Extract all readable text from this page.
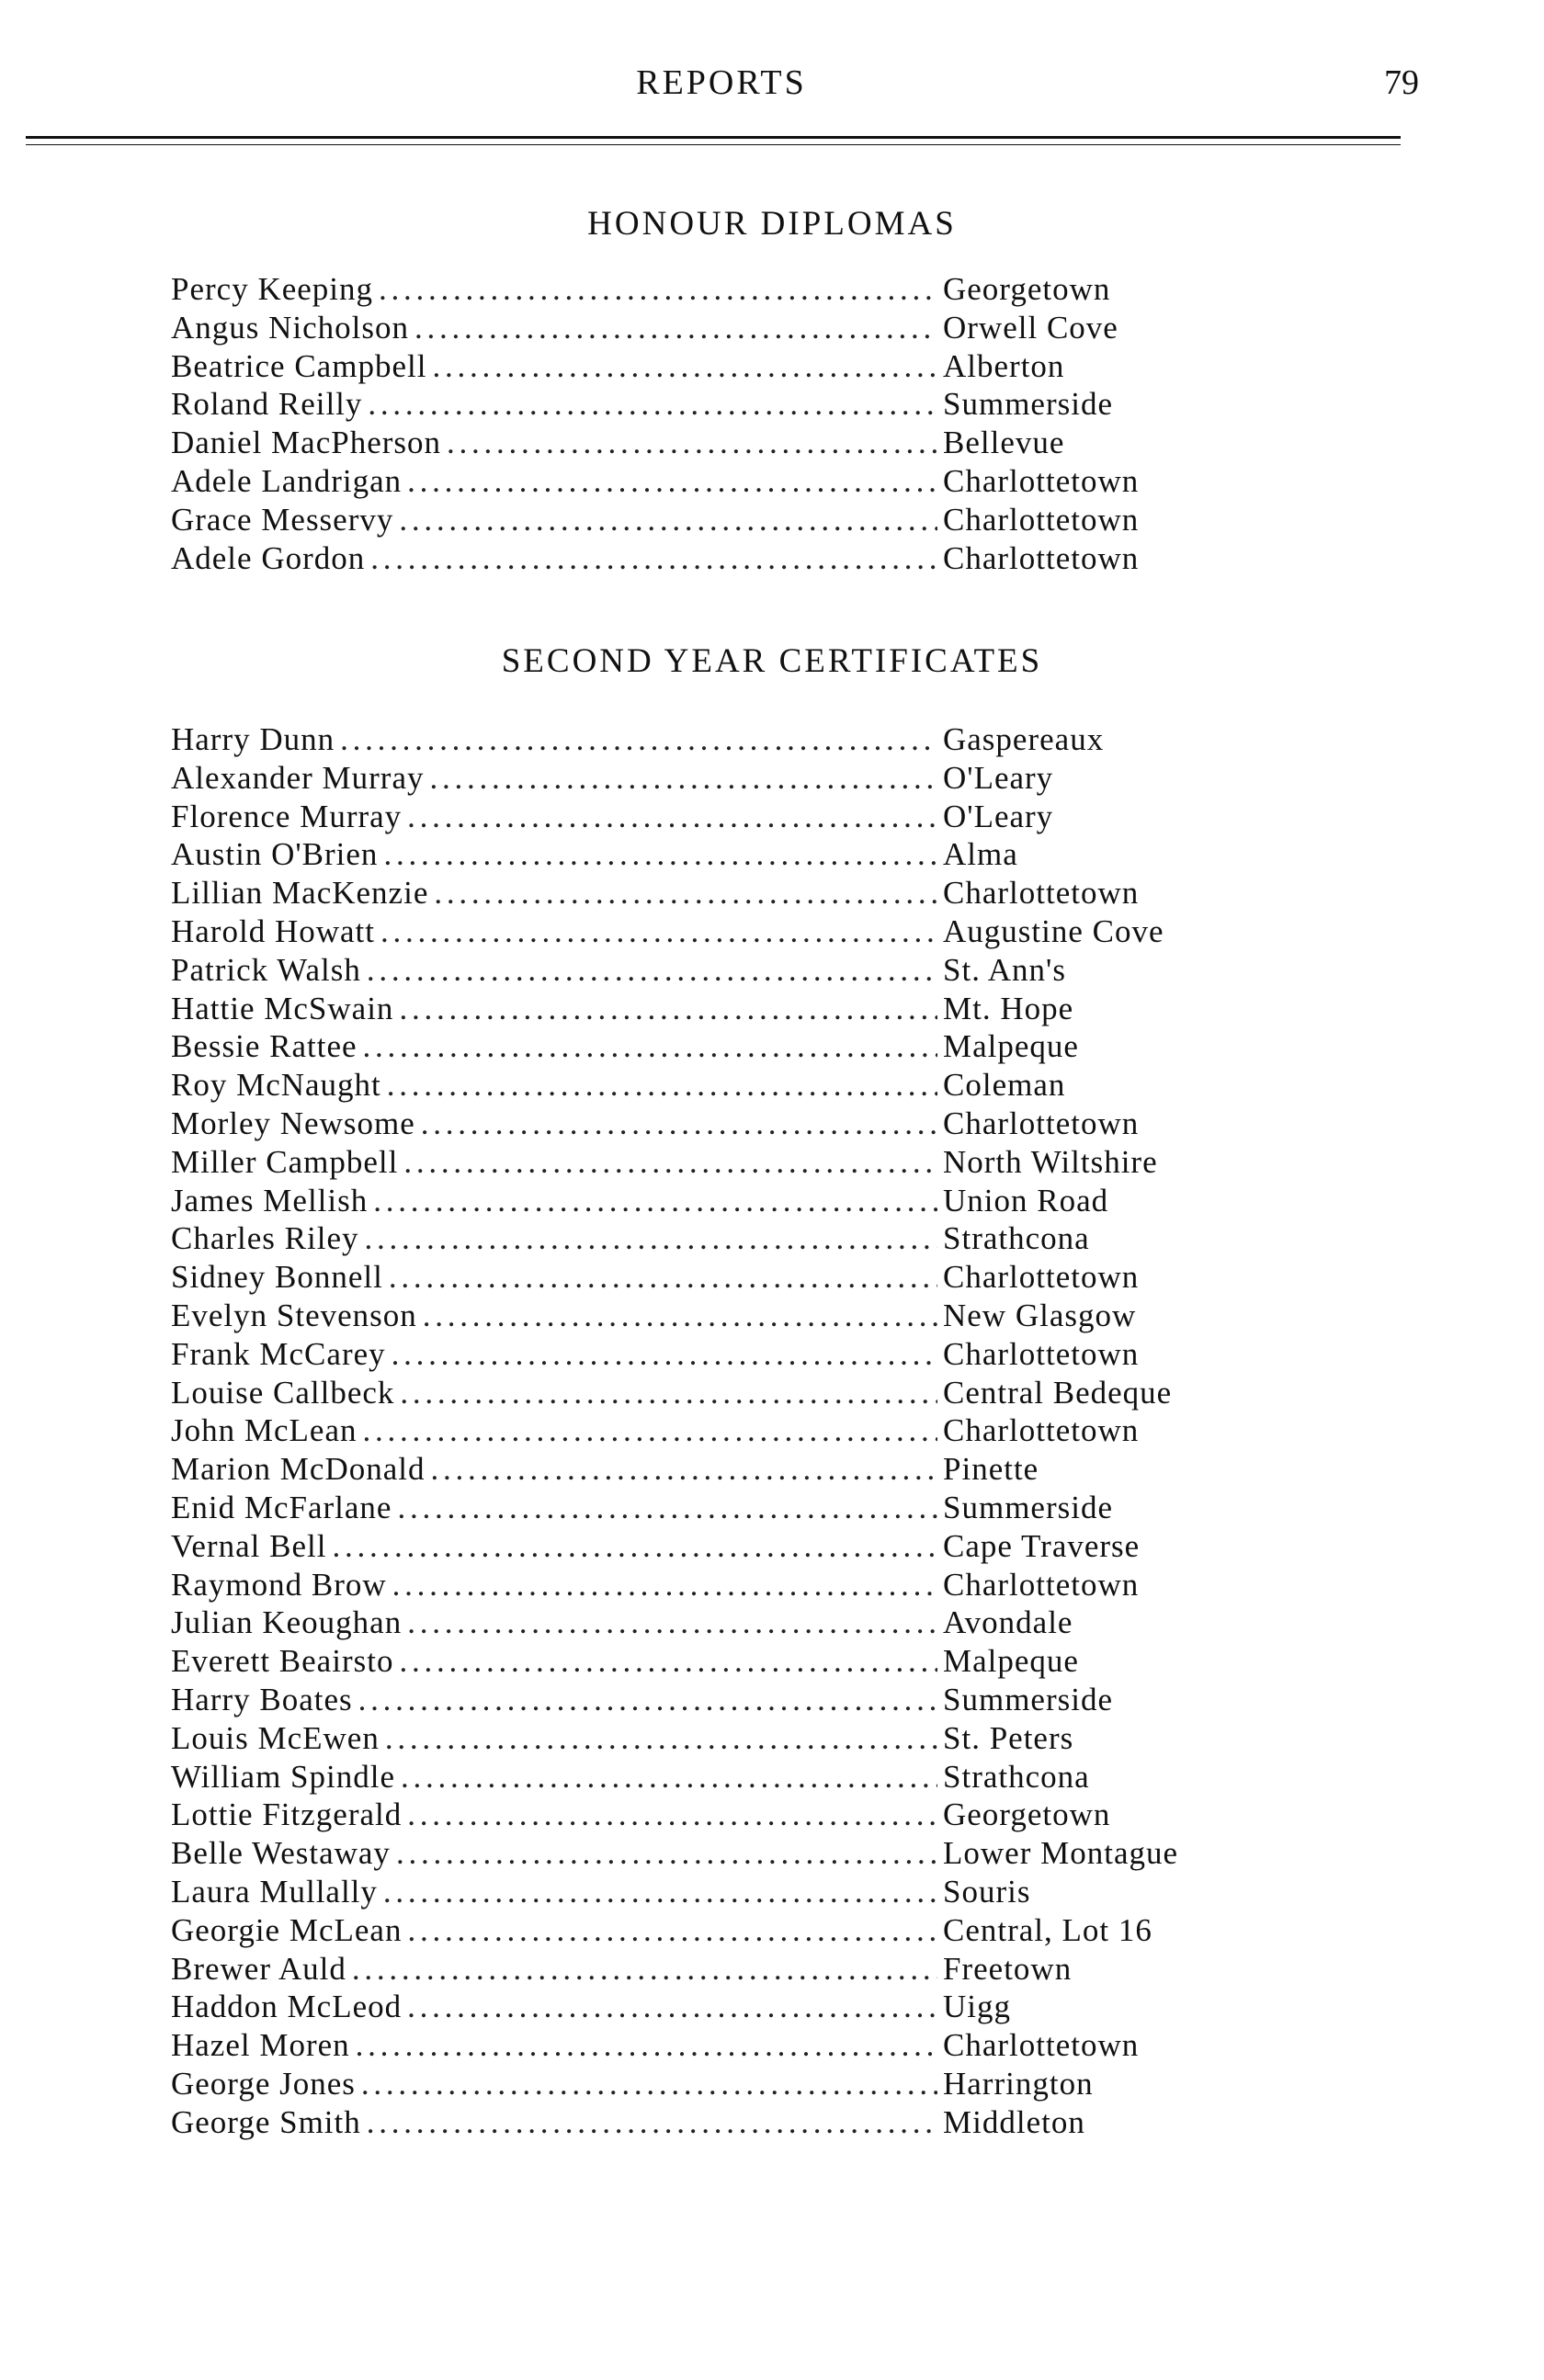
REPORTS	79
HONOUR DIPLOMAS
Percy Keeping . . .	Georgetown
Angus Nicholson . . .	Orwell Cove
Beatrice Campbell . . .	Alberton
Roland Reilly . . .	Summerside
Daniel MacPherson . . .	Bellevue
Adele Landrigan . . .	Charlottetown
Grace Messervy . . .	Charlottetown
Adele Gordon . . .	Charlottetown
SECOND YEAR CERTIFICATES
Harry Dunn . . .	Gaspereaux
Alexander Murray . . .	O'Leary
Florence Murray . . .	O'Leary
Austin O'Brien . . .	Alma
Lillian MacKenzie . . .	Charlottetown
Harold Howatt . . .	Augustine Cove
Patrick Walsh . . .	St. Ann's
Hattie McSwain . . .	Mt. Hope
Bessie Rattee . . .	Malpeque
Roy McNaught . . .	Coleman
Morley Newsome . . .	Charlottetown
Miller Campbell . . .	North Wiltshire
James Mellish . . .	Union Road
Charles Riley . . .	Strathcona
Sidney Bonnell . . .	Charlottetown
Evelyn Stevenson . . .	New Glasgow
Frank McCarey . . .	Charlottetown
Louise Callbeck . . .	Central Bedeque
John McLean . . .	Charlottetown
Marion McDonald . . .	Pinette
Enid McFarlane . . .	Summerside
Vernal Bell . . .	Cape Traverse
Raymond Brow . . .	Charlottetown
Julian Keoughan . . .	Avondale
Everett Beairsto . . .	Malpeque
Harry Boates . . .	Summerside
Louis McEwen . . .	St. Peters
William Spindle . . .	Strathcona
Lottie Fitzgerald . . .	Georgetown
Belle Westaway . . .	Lower Montague
Laura Mullally . . .	Souris
Georgie McLean . . .	Central, Lot 16
Brewer Auld . . .	Freetown
Haddon McLeod . . .	Uigg
Hazel Moren . . .	Charlottetown
George Jones . . .	Harrington
George Smith . . .	Middleton
